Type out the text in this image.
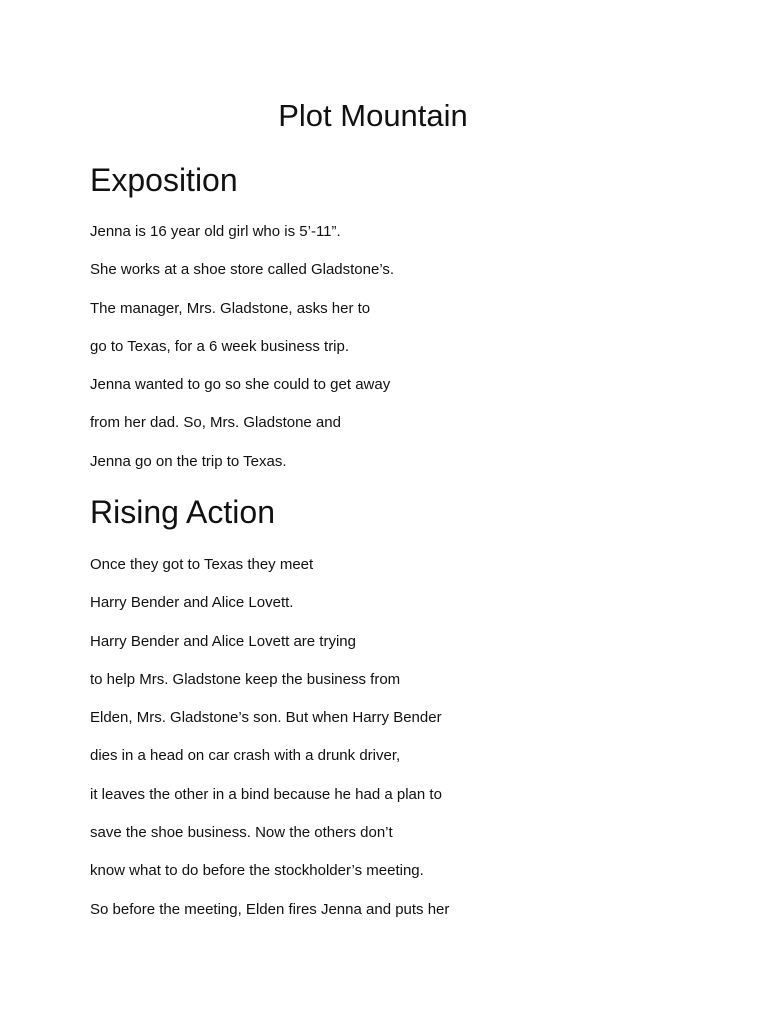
Plot Mountain
Exposition
Jenna is 16 year old girl who is 5’-11”.
She works at a shoe store called Gladstone’s.
The manager, Mrs. Gladstone, asks her to
go to Texas, for a 6 week business trip.
Jenna wanted to go so she could to get away
from her dad. So, Mrs. Gladstone and
Jenna go on the trip to Texas.
Rising Action
Once they got to Texas they meet
Harry Bender and Alice Lovett.
Harry Bender and Alice Lovett are trying
to help Mrs. Gladstone keep the business from
Elden, Mrs. Gladstone’s son. But when Harry Bender
dies in a head on car crash with a drunk driver,
it leaves the other in a bind because he had a plan to
save the shoe business. Now the others don’t
know what to do before the stockholder’s meeting.
So before the meeting, Elden fires Jenna and puts her
